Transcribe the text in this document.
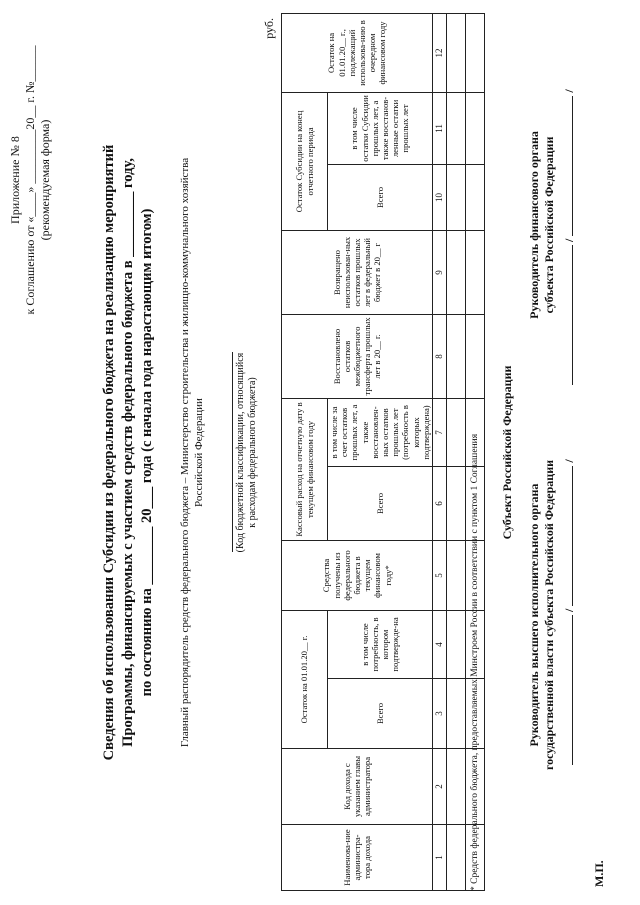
Приложение № 8 к Соглашению от «____» _________20__ г. №______ (рекомендуемая форма)	Сведения об использовании Субсидии из федерального бюджета на реализацию мероприятий Программы, финансируемых с участием средств федерального бюджета в _________ году, по состоянию на ________ 20___ года (с начала года нарастающим итогом) Главный распорядитель средств федерального бюджета – Министерство строительства и жилищно-коммунального хозяйства Российской Федерации	(Код бюджетной классификации, относящийся к расходам федерального бюджета)
руб.
Наименова-ние администра-тора дохода	Код дохода с указанием главы администратора	Остаток на 01.01.20__ г.		Средства получены из федерального бюджета в текущем финансовом году*	Кассовый расход на отчетную дату в текущем финансовом году		Восстановлено остатков межбюджетного трансферта прошлых лет в 20__ г.	Возвращено неиспользован-ных остатков прошлых лет в федеральный бюджет в 20__ г	Остаток Субсидии на конец отчетного периода		Остаток на 01.01.20__ г., подлежащий использова-нию в очередном финансовом году
		Всего	в том числе потребность, в котором подтвержде-на		Всего	в том числе за счет остатков прошлых лет, а также восстановлен-ных остатков прошлых лет (потребность в которых подтверждена)			Всего	в том числе остатки Субсидии прошлых лет, а также восстанов-ленные остатки прошлых лет	
1	2	3	4	5	6	7	8	9	10	11	12

* Средств федерального бюджета, предоставляемых Минстроем России в соответствии с пунктом 1 Соглашения Субъект Российской Федерации
Руководитель высшего исполнительного органа государственной власти субъекта Российской Федерации
Руководитель финансового органа субъекта Российской Федерации
/  /
/  /
М.П.
